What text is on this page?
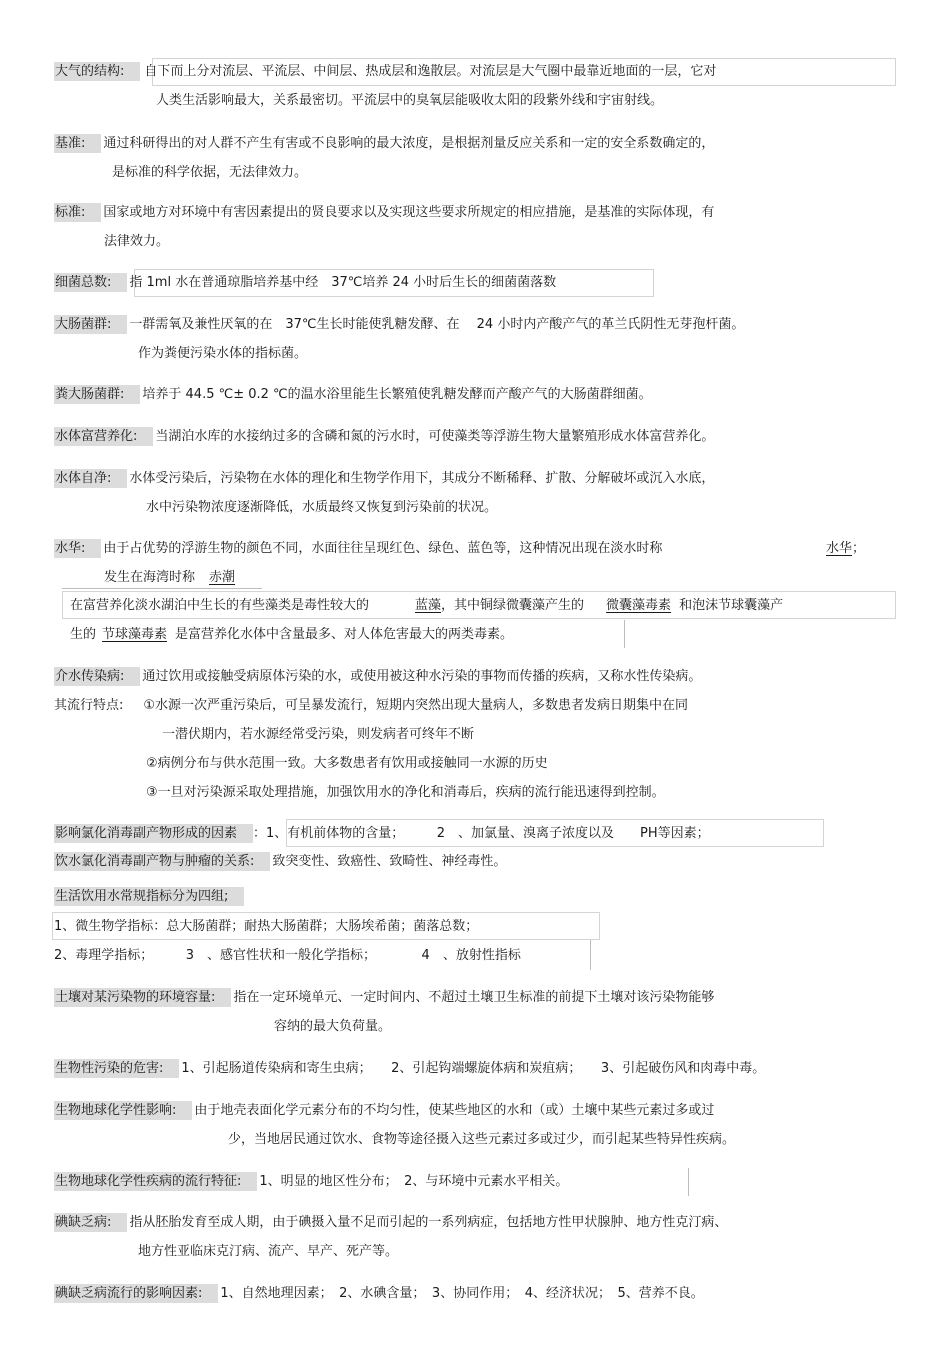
大气的结构: 自下而上分对流层、平流层、中间层、热成层和逸散层。对流层是大气圈中最靠近地面的一层，它对
人类生活影响最大，关系最密切。平流层中的臭氧层能吸收太阳的段紫外线和宇宙射线。
基准: 通过科研得出的对人群不产生有害或不良影响的最大浓度，是根据剂量反应关系和一定的安全系数确定的，
是标准的科学依据，无法律效力。
标准: 国家或地方对环境中有害因素提出的贤良要求以及实现这些要求所规定的相应措施，是基准的实际体现，有
法律效力。
细菌总数: 指 1ml 水在普通琼脂培养基中经　37℃培养 24 小时后生长的细菌菌落数
大肠菌群: 一群需氧及兼性厌氧的在　37℃生长时能使乳糖发酵、在　 24 小时内产酸产气的革兰氏阴性无芽孢杆菌。
作为粪便污染水体的指标菌。
粪大肠菌群: 培养于 44.5 ℃± 0.2 ℃的温水浴里能生长繁殖使乳糖发酵而产酸产气的大肠菌群细菌。
水体富营养化: 当湖泊水库的水接纳过多的含磷和氮的污水时，可使藻类等浮游生物大量繁殖形成水体富营养化。
水体自净: 水体受污染后，污染物在水体的理化和生物学作用下，其成分不断稀释、扩散、分解破坏或沉入水底，
水中污染物浓度逐渐降低，水质最终又恢复到污染前的状况。
水华: 由于占优势的浮游生物的颜色不同，水面往往呈现红色、绿色、蓝色等，这种情况出现在淡水时称	水华；
发生在海湾时称 赤潮
在富营养化淡水湖泊中生长的有些藻类是毒性较大的	蓝藻，其中铜绿微囊藻产生的 微囊藻毒素 和泡沫节球囊藻产
生的 节球藻毒素 是富营养化水体中含量最多、对人体危害最大的两类毒素。
介水传染病: 通过饮用或接触受病原体污染的水，或使用被这种水污染的事物而传播的疾病，又称水性传染病。
其流行特点: ①水源一次严重污染后，可呈暴发流行，短期内突然出现大量病人，多数患者发病日期集中在同
一潜伏期内，若水源经常受污染，则发病者可终年不断
②病例分布与供水范围一致。大多数患者有饮用或接触同一水源的历史
③一旦对污染源采取处理措施，加强饮用水的净化和消毒后，疾病的流行能迅速得到控制。
影响氯化消毒副产物形成的因素 ：1、有机前体物的含量；　　　2　、加氯量、溴离子浓度以及　　PH等因素；
饮水氯化消毒副产物与肿瘤的关系: 致突变性、致癌性、致畸性、神经毒性。
生活饮用水常规指标分为四组;
1、微生物学指标：总大肠菌群；耐热大肠菌群；大肠埃希菌；菌落总数；
2、毒理学指标；　　　3　、感官性状和一般化学指标；　　　　4　、放射性指标
土壤对某污染物的环境容量: 指在一定环境单元、一定时间内、不超过土壤卫生标准的前提下土壤对该污染物能够
容纳的最大负荷量。
生物性污染的危害: 1、引起肠道传染病和寄生虫病；　　2、引起钩端螺旋体病和炭疽病；　　3、引起破伤风和肉毒中毒。
生物地球化学性影响: 由于地壳表面化学元素分布的不均匀性，使某些地区的水和（或）土壤中某些元素过多或过
少，当地居民通过饮水、食物等途径摄入这些元素过多或过少，而引起某些特异性疾病。
生物地球化学性疾病的流行特征: 1、明显的地区性分布；　2、与环境中元素水平相关。
碘缺乏病: 指从胚胎发育至成人期，由于碘摄入量不足而引起的一系列病症，包括地方性甲状腺肿、地方性克汀病、
地方性亚临床克汀病、流产、早产、死产等。
碘缺乏病流行的影响因素: 1、自然地理因素；　2、水碘含量；　3、协同作用；　4、经济状况；　5、营养不良。
